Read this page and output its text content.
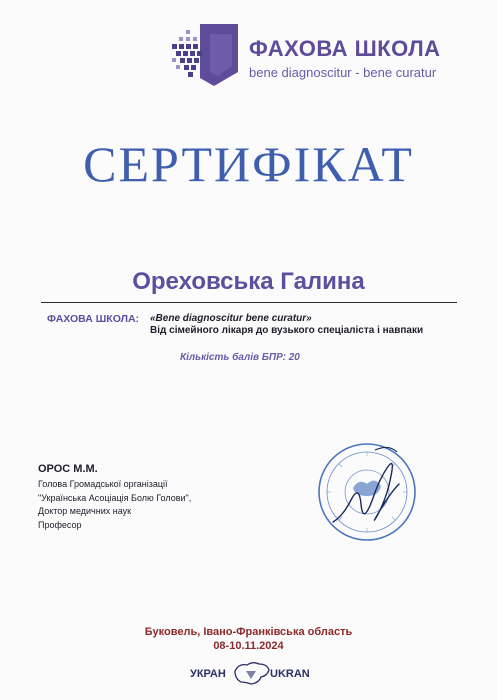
ФАХОВА ШКОЛА
bene diagnoscitur - bene curatur
СЕРТИФІКАТ
Ореховська Галина
ФАХОВА ШКОЛА: «Bene diagnoscitur bene curatur»
Від сімейного лікаря до вузького спеціаліста і навпаки
Кількість балів БПР: 20
ОРОС М.М.
Голова Громадської організації
"Українська Асоціація Болю Голови",
Доктор медичних наук
Професор
Буковель, Івано-Франківська область
08-10.11.2024
УКРАН	UKRAN
